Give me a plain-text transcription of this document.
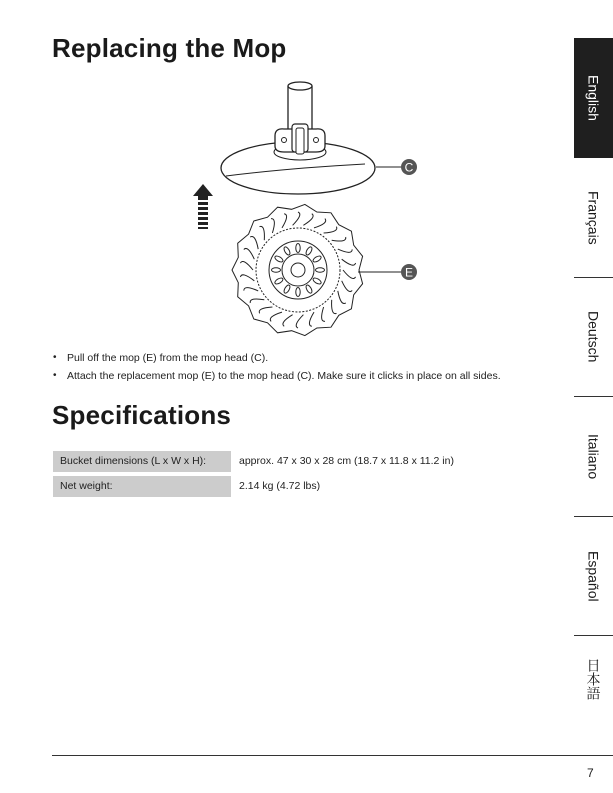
Replacing the Mop
C
E
• Pull off the mop (E) from the mop head (C).
• Attach the replacement mop (E) to the mop head (C). Make sure it clicks in place on all sides.
Specifications
Bucket dimensions (L x W x H):	approx. 47 x 30 x 28 cm (18.7 x 11.8 x 11.2 in)
Net weight:	2.14 kg (4.72 lbs)
English
Français
Deutsch
Italiano
Español
日本語
7
